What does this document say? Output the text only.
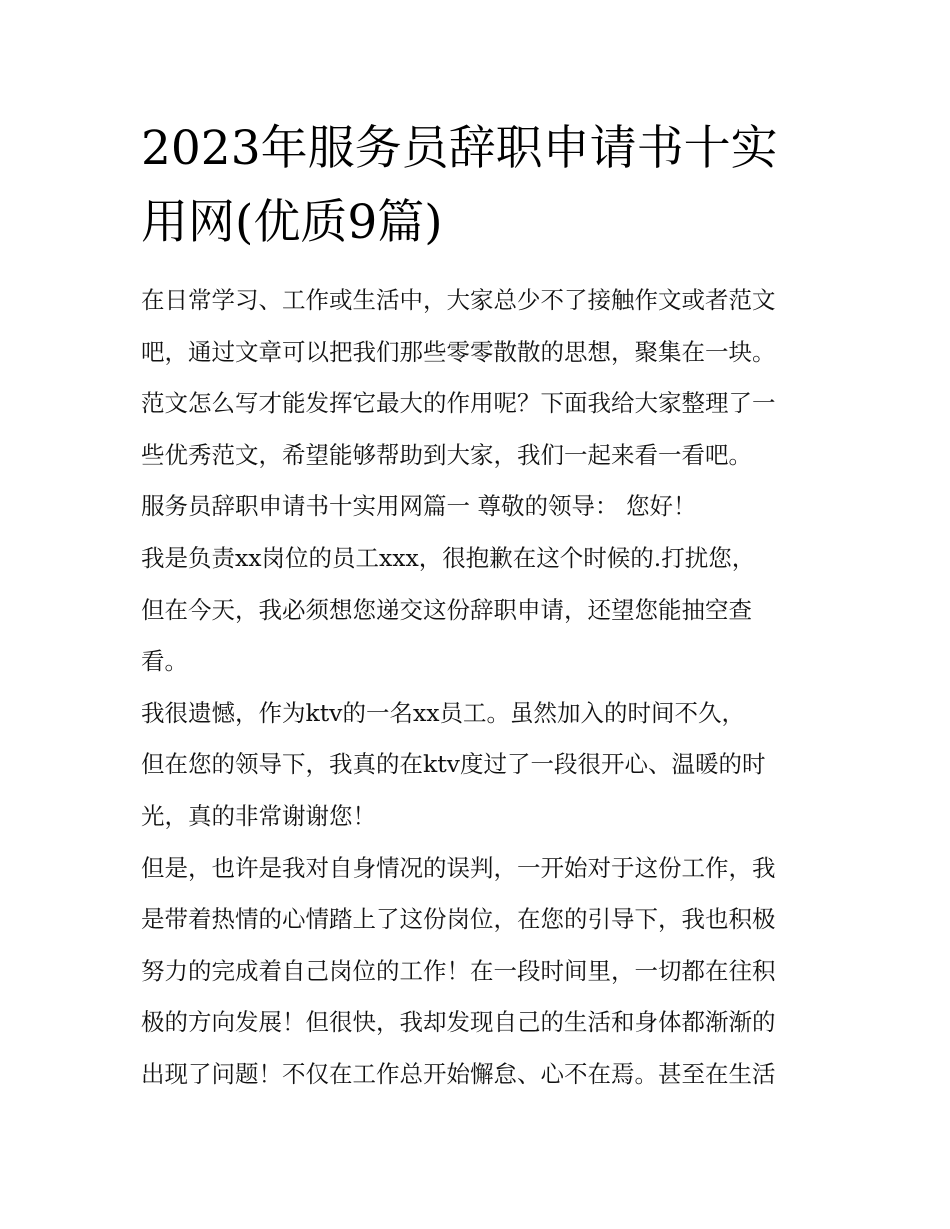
2023年服务员辞职申请书十实
用网(优质9篇)
在日常学习、工作或生活中，大家总少不了接触作文或者范文
吧，通过文章可以把我们那些零零散散的思想，聚集在一块。
范文怎么写才能发挥它最大的作用呢？下面我给大家整理了一
些优秀范文，希望能够帮助到大家，我们一起来看一看吧。
服务员辞职申请书十实用网篇一 尊敬的领导： 您好！
我是负责xx岗位的员工xxx，很抱歉在这个时候的.打扰您，
但在今天，我必须想您递交这份辞职申请，还望您能抽空查
看。
我很遗憾，作为ktv的一名xx员工。虽然加入的时间不久，
但在您的领导下，我真的在ktv度过了一段很开心、温暖的时
光，真的非常谢谢您！
但是，也许是我对自身情况的误判，一开始对于这份工作，我
是带着热情的心情踏上了这份岗位，在您的引导下，我也积极
努力的完成着自己岗位的工作！在一段时间里，一切都在往积
极的方向发展！但很快，我却发现自己的生活和身体都渐渐的
出现了问题！不仅在工作总开始懈怠、心不在焉。甚至在生活
